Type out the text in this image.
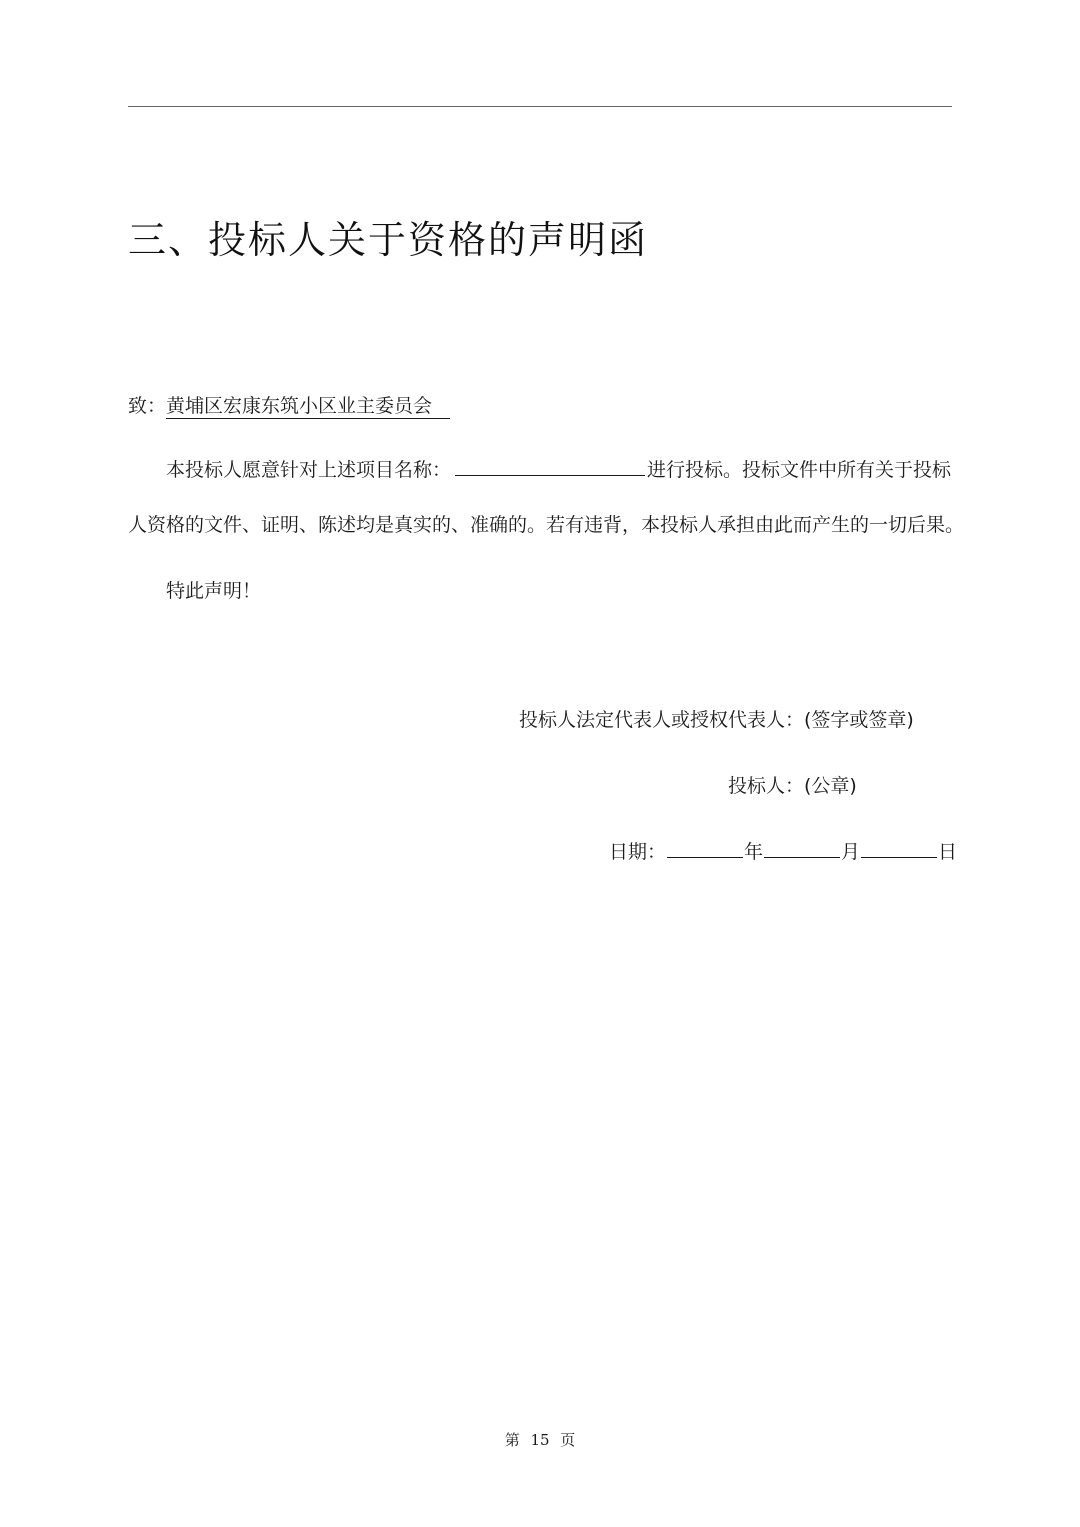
三、投标人关于资格的声明函
致：黄埔区宏康东筑小区业主委员会
本投标人愿意针对上述项目名称：	进行投标。投标文件中所有关于投标
人资格的文件、证明、陈述均是真实的、准确的。若有违背，本投标人承担由此而产生的一切后果。
特此声明！
投标人法定代表人或授权代表人：(签字或签章)
投标人：(公章)
日期：	年	月	日
第 15 页
